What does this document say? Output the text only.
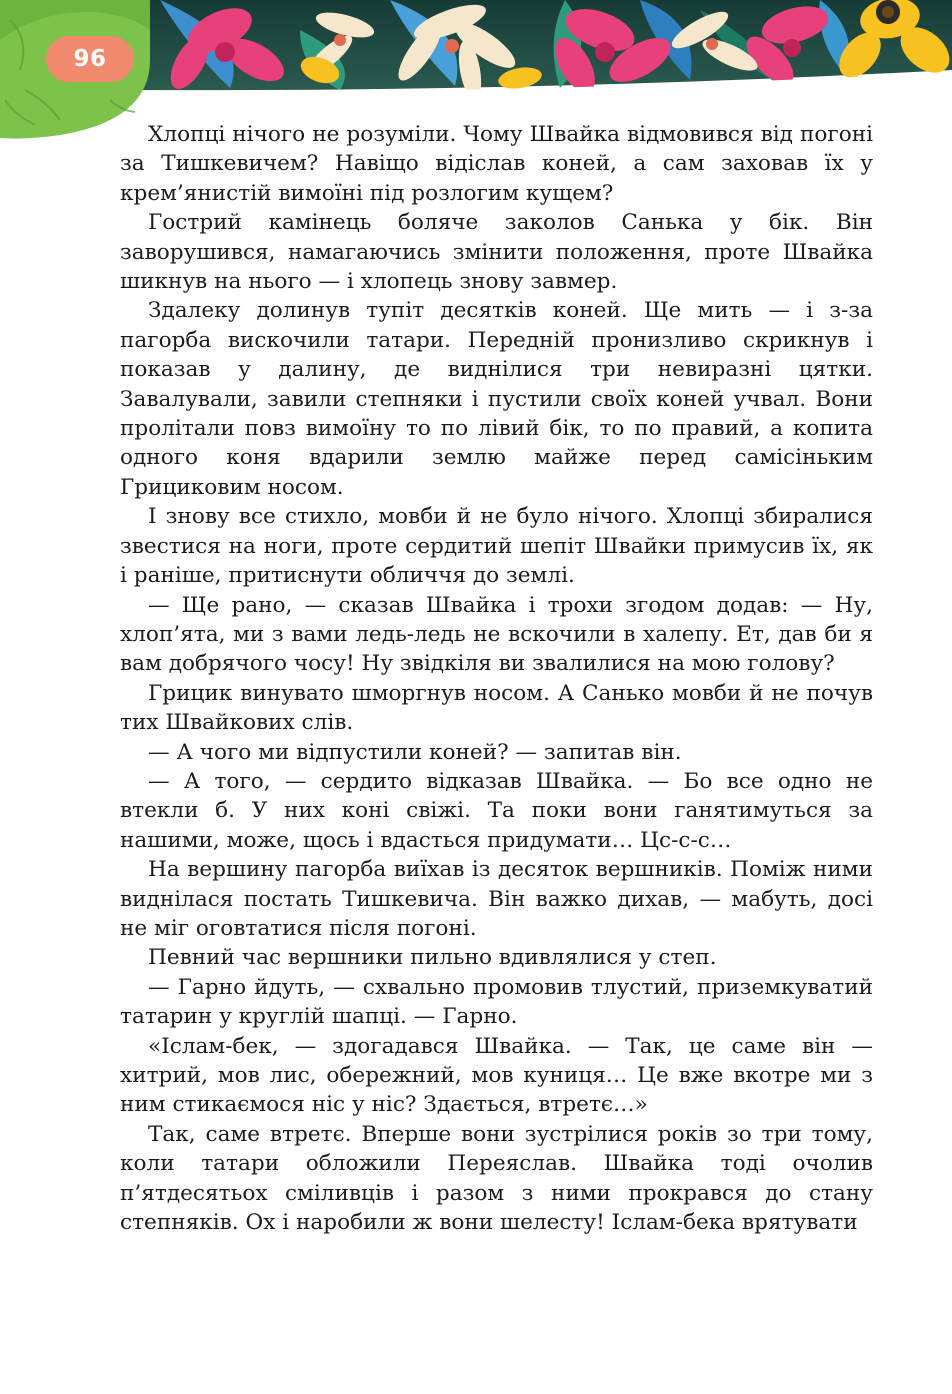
96

Хлопці нічого не розуміли. Чому Швайка відмовився від погоні за Тишкевичем? Навіщо відіслав коней, а сам заховав їх у крем’янистій вимоїні під розлогим кущем?

Гострий камінець боляче заколов Санька у бік. Він заворушився, намагаючись змінити положення, проте Швайка шикнув на нього — і хлопець знову завмер.

Здалеку долинув тупіт десятків коней. Ще мить — і з-за пагорба вискочили татари. Передній пронизливо скрикнув і показав у далину, де виднілися три невиразні цятки. Завалували, завили степняки і пустили своїх коней учвал. Вони пролітали повз вимоїну то по лівий бік, то по правий, а копита одного коня вдарили землю майже перед самісіньким Грициковим носом.

І знову все стихло, мовби й не було нічого. Хлопці збиралися звестися на ноги, проте сердитий шепіт Швайки примусив їх, як і раніше, притиснути обличчя до землі.

— Ще рано, — сказав Швайка і трохи згодом додав: — Ну, хлоп’ята, ми з вами ледь-ледь не вскочили в халепу. Ет, дав би я вам добрячого чосу! Ну звідкіля ви звалилися на мою голову?

Грицик винувато шморгнув носом. А Санько мовби й не почув тих Швайкових слів.

— А чого ми відпустили коней? — запитав він.

— А того, — сердито відказав Швайка. — Бо все одно не втекли б. У них коні свіжі. Та поки вони ганятимуться за нашими, може, щось і вдасться придумати… Цс-с-с…

На вершину пагорба виїхав із десяток вершників. Поміж ними виднілася постать Тишкевича. Він важко дихав, — мабуть, досі не міг оговтатися після погоні.

Певний час вершники пильно вдивлялися у степ.

— Гарно йдуть, — схвально промовив тлустий, приземкуватий татарин у круглій шапці. — Гарно.

«Іслам-бек, — здогадався Швайка. — Так, це саме він — хитрий, мов лис, обережний, мов куниця… Це вже вкотре ми з ним стикаємося ніс у ніс? Здається, втретє…»

Так, саме втретє. Вперше вони зустрілися років зо три тому, коли татари обложили Переяслав. Швайка тоді очолив п’ятдесятьох сміливців і разом з ними прокрався до стану степняків. Ох і наробили ж вони шелесту! Іслам-бека врятувати
